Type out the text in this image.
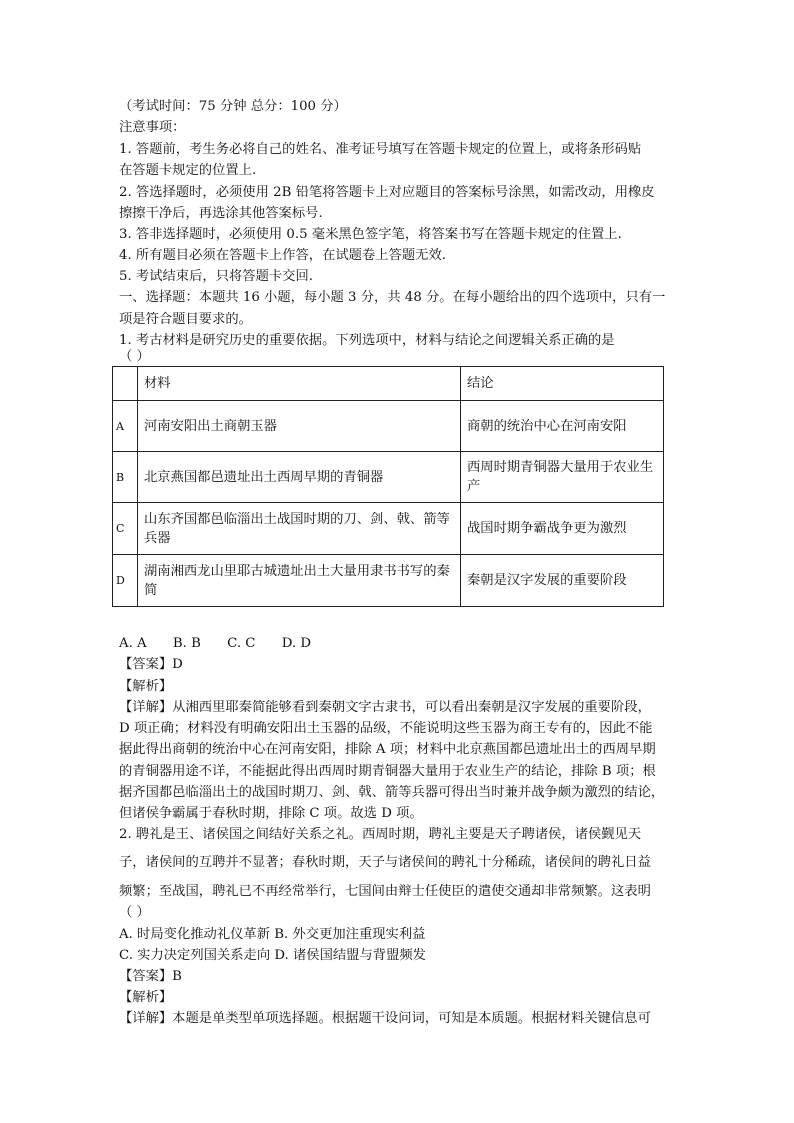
（考试时间：75 分钟 总分：100 分）
注意事项：
1. 答题前，考生务必将自己的姓名、准考证号填写在答题卡规定的位置上，或将条形码贴
在答题卡规定的位置上.
2. 答选择题时，必须使用 2B 铅笔将答题卡上对应题目的答案标号涂黑，如需改动，用橡皮
擦擦干净后，再选涂其他答案标号.
3. 答非选择题时，必须使用 0.5 毫米黑色签字笔，将答案书写在答题卡规定的住置上.
4. 所有题目必须在答题卡上作答，在试题卷上答题无效.
5. 考试结束后，只将答题卡交回.
一、选择题：本题共 16 小题，每小题 3 分，共 48 分。在每小题给出的四个选项中，只有一
项是符合题目要求的。
1. 考古材料是研究历史的重要依据。下列选项中，材料与结论之间逻辑关系正确的是
（ ）
	材料	结论
A	河南安阳出土商朝玉器	商朝的统治中心在河南安阳
B	北京燕国都邑遗址出土西周早期的青铜器	西周时期青铜器大量用于农业生产
C	山东齐国都邑临淄出土战国时期的刀、剑、戟、箭等兵器	战国时期争霸战争更为激烈
D	湖南湘西龙山里耶古城遗址出土大量用隶书书写的秦简	秦朝是汉字发展的重要阶段
A. A B. B C. C D. D
【答案】D
【解析】
【详解】从湘西里耶秦简能够看到秦朝文字古隶书，可以看出秦朝是汉字发展的重要阶段，
D 项正确；材料没有明确安阳出土玉器的品级，不能说明这些玉器为商王专有的，因此不能
据此得出商朝的统治中心在河南安阳，排除 A 项；材料中北京燕国都邑遗址出土的西周早期
的青铜器用途不详，不能据此得出西周时期青铜器大量用于农业生产的结论，排除 B 项；根
据齐国都邑临淄出土的战国时期刀、剑、戟、箭等兵器可得出当时兼并战争颇为激烈的结论，
但诸侯争霸属于春秋时期，排除 C 项。故选 D 项。
2. 聘礼是王、诸侯国之间结好关系之礼。西周时期，聘礼主要是天子聘诸侯，诸侯觐见天
子，诸侯间的互聘并不显著；春秋时期，天子与诸侯间的聘礼十分稀疏，诸侯间的聘礼日益
频繁；至战国，聘礼已不再经常举行，七国间由辩士任使臣的遣使交通却非常频繁。这表明
（ ）
A. 时局变化推动礼仪革新 B. 外交更加注重现实利益
C. 实力决定列国关系走向 D. 诸侯国结盟与背盟频发
【答案】B
【解析】
【详解】本题是单类型单项选择题。根据题干设问词，可知是本质题。根据材料关键信息可
